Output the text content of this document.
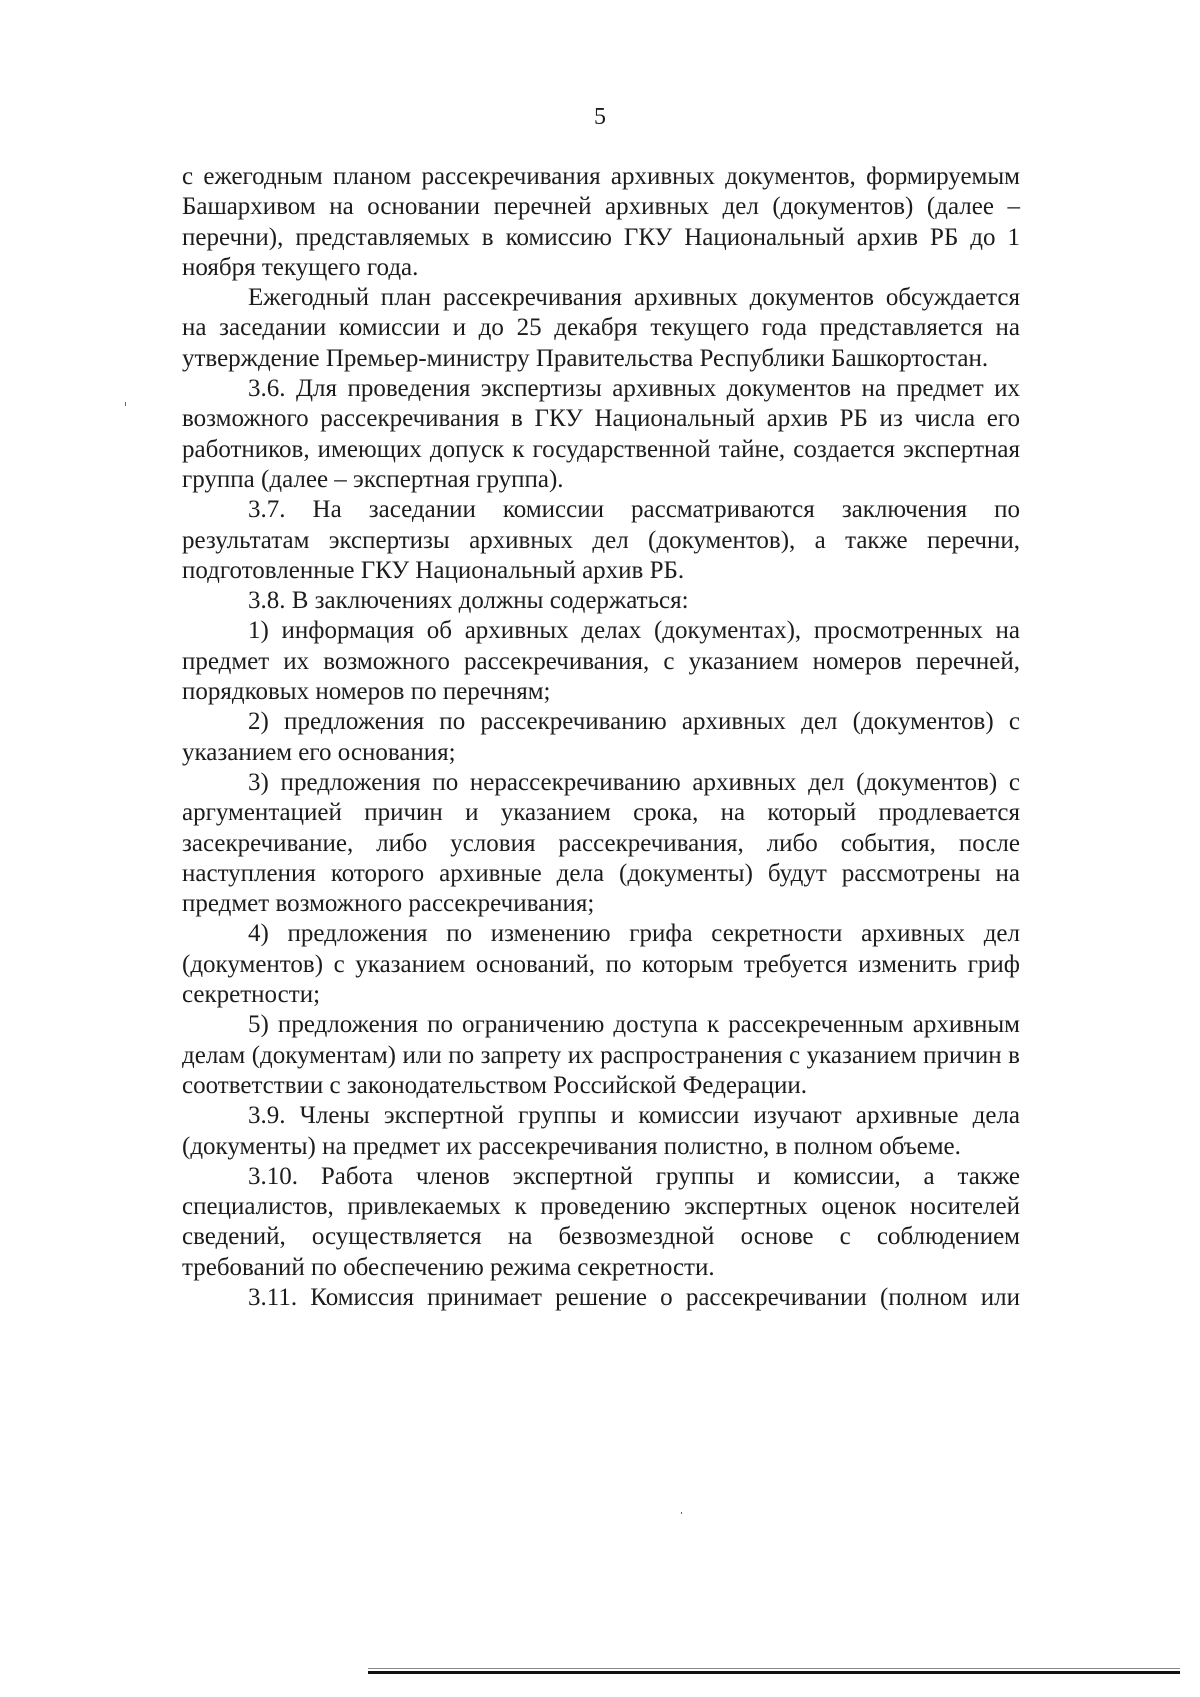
5

с ежегодным планом рассекречивания архивных документов, формируемым Башархивом на основании перечней архивных дел (документов) (далее – перечни), представляемых в комиссию ГКУ Национальный архив РБ до 1 ноября текущего года.

Ежегодный план рассекречивания архивных документов обсуждается на заседании комиссии и до 25 декабря текущего года представляется на утверждение Премьер-министру Правительства Республики Башкортостан.

3.6. Для проведения экспертизы архивных документов на предмет их возможного рассекречивания в ГКУ Национальный архив РБ из числа его работников, имеющих допуск к государственной тайне, создается экспертная группа (далее – экспертная группа).

3.7. На заседании комиссии рассматриваются заключения по результатам экспертизы архивных дел (документов), а также перечни, подготовленные ГКУ Национальный архив РБ.

3.8. В заключениях должны содержаться:

1) информация об архивных делах (документах), просмотренных на предмет их возможного рассекречивания, с указанием номеров перечней, порядковых номеров по перечням;

2) предложения по рассекречиванию архивных дел (документов) с указанием его основания;

3) предложения по нерассекречиванию архивных дел (документов) с аргументацией причин и указанием срока, на который продлевается засекречивание, либо условия рассекречивания, либо события, после наступления которого архивные дела (документы) будут рассмотрены на предмет возможного рассекречивания;

4) предложения по изменению грифа секретности архивных дел (документов) с указанием оснований, по которым требуется изменить гриф секретности;

5) предложения по ограничению доступа к рассекреченным архивным делам (документам) или по запрету их распространения с указанием причин в соответствии с законодательством Российской Федерации.

3.9. Члены экспертной группы и комиссии изучают архивные дела (документы) на предмет их рассекречивания полистно, в полном объеме.

3.10. Работа членов экспертной группы и комиссии, а также специалистов, привлекаемых к проведению экспертных оценок носителей сведений, осуществляется на безвозмездной основе с соблюдением требований по обеспечению режима секретности.

3.11. Комиссия принимает решение о рассекречивании (полном или
